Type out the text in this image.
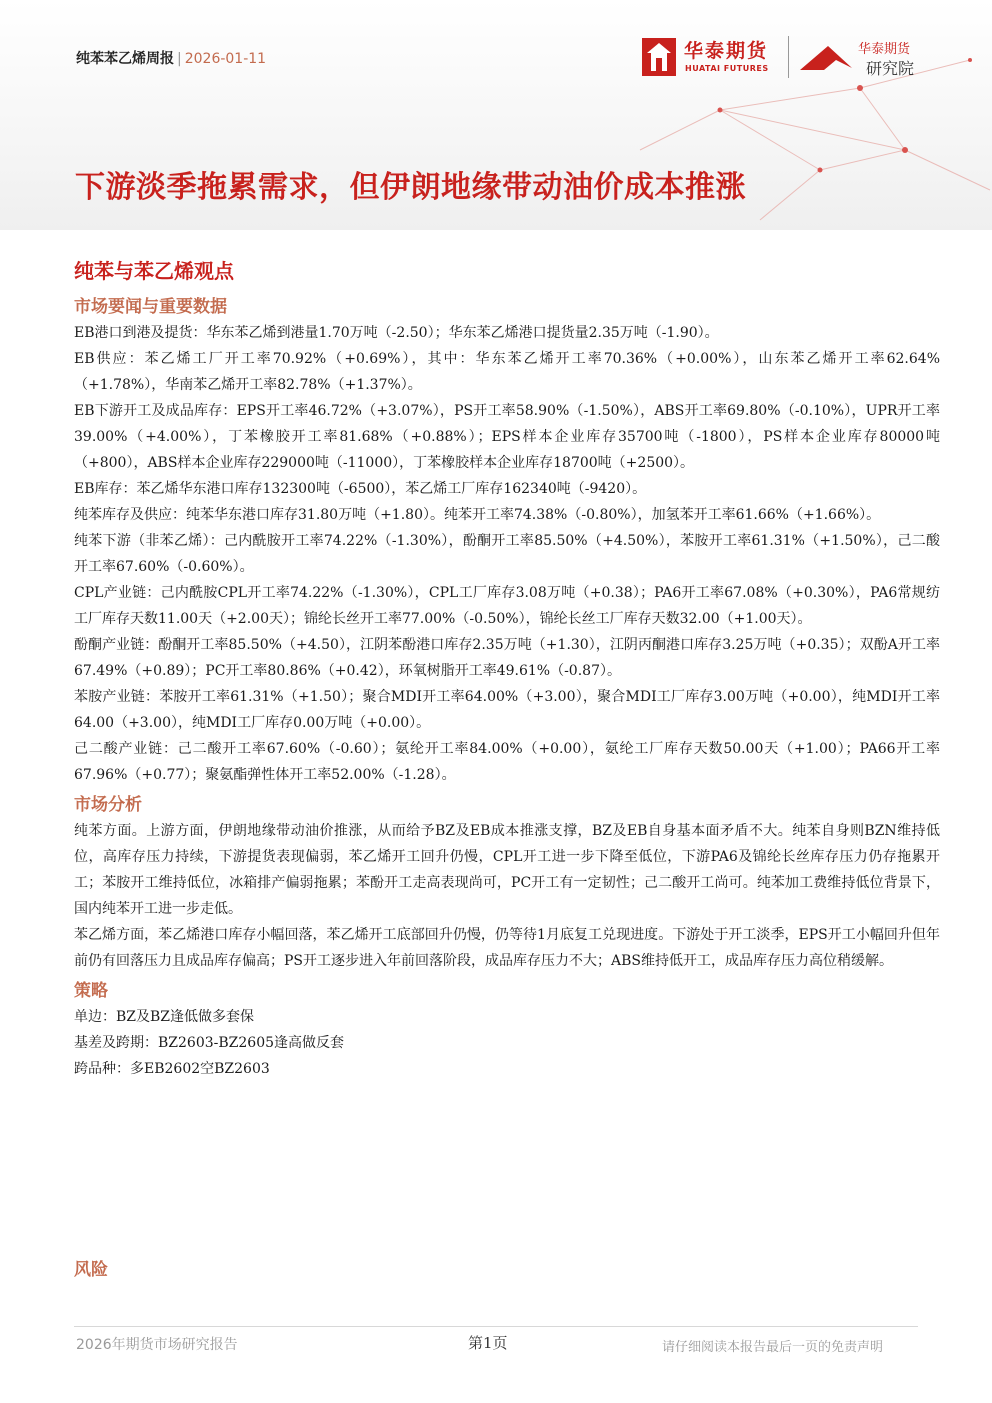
纯苯苯乙烯周报 | 2026-01-11	华泰期货
HUATAI FUTURES
华泰期货
研究院
下游淡季拖累需求，但伊朗地缘带动油价成本推涨
纯苯与苯乙烯观点
市场要闻与重要数据

EB港口到港及提货：华东苯乙烯到港量1.70万吨（-2.50）；华东苯乙烯港口提货量2.35万吨（-1.90）。

EB供应：苯乙烯工厂开工率70.92%（+0.69%），其中：华东苯乙烯开工率70.36%（+0.00%），山东苯乙烯开工率62.64%（+1.78%），华南苯乙烯开工率82.78%（+1.37%）。

EB下游开工及成品库存：EPS开工率46.72%（+3.07%），PS开工率58.90%（-1.50%），ABS开工率69.80%（-0.10%），UPR开工率39.00%（+4.00%），丁苯橡胶开工率81.68%（+0.88%）；EPS样本企业库存35700吨（-1800），PS样本企业库存80000吨（+800），ABS样本企业库存229000吨（-11000），丁苯橡胶样本企业库存18700吨（+2500）。

EB库存：苯乙烯华东港口库存132300吨（-6500），苯乙烯工厂库存162340吨（-9420）。

纯苯库存及供应：纯苯华东港口库存31.80万吨（+1.80）。纯苯开工率74.38%（-0.80%），加氢苯开工率61.66%（+1.66%）。

纯苯下游（非苯乙烯）：己内酰胺开工率74.22%（-1.30%），酚酮开工率85.50%（+4.50%），苯胺开工率61.31%（+1.50%），己二酸开工率67.60%（-0.60%）。

CPL产业链：己内酰胺CPL开工率74.22%（-1.30%），CPL工厂库存3.08万吨（+0.38）；PA6开工率67.08%（+0.30%），PA6常规纺工厂库存天数11.00天（+2.00天）；锦纶长丝开工率77.00%（-0.50%），锦纶长丝工厂库存天数32.00（+1.00天）。

酚酮产业链：酚酮开工率85.50%（+4.50），江阴苯酚港口库存2.35万吨（+1.30），江阴丙酮港口库存3.25万吨（+0.35）；双酚A开工率67.49%（+0.89）；PC开工率80.86%（+0.42），环氧树脂开工率49.61%（-0.87）。

苯胺产业链：苯胺开工率61.31%（+1.50）；聚合MDI开工率64.00%（+3.00），聚合MDI工厂库存3.00万吨（+0.00），纯MDI开工率64.00（+3.00），纯MDI工厂库存0.00万吨（+0.00）。

己二酸产业链：己二酸开工率67.60%（-0.60）；氨纶开工率84.00%（+0.00），氨纶工厂库存天数50.00天（+1.00）；PA66开工率67.96%（+0.77）；聚氨酯弹性体开工率52.00%（-1.28）。

市场分析

纯苯方面。上游方面，伊朗地缘带动油价推涨，从而给予BZ及EB成本推涨支撑，BZ及EB自身基本面矛盾不大。纯苯自身则BZN维持低位，高库存压力持续，下游提货表现偏弱，苯乙烯开工回升仍慢，CPL开工进一步下降至低位，下游PA6及锦纶长丝库存压力仍存拖累开工；苯胺开工维持低位，冰箱排产偏弱拖累；苯酚开工走高表现尚可，PC开工有一定韧性；己二酸开工尚可。纯苯加工费维持低位背景下，国内纯苯开工进一步走低。

苯乙烯方面，苯乙烯港口库存小幅回落，苯乙烯开工底部回升仍慢，仍等待1月底复工兑现进度。下游处于开工淡季，EPS开工小幅回升但年前仍有回落压力且成品库存偏高；PS开工逐步进入年前回落阶段，成品库存压力不大；ABS维持低开工，成品库存压力高位稍缓解。

策略

单边：BZ及BZ逢低做多套保

基差及跨期：BZ2603-BZ2605逢高做反套

跨品种：多EB2602空BZ2603

风险
2026年期货市场研究报告	第1页	请仔细阅读本报告最后一页的免责声明
